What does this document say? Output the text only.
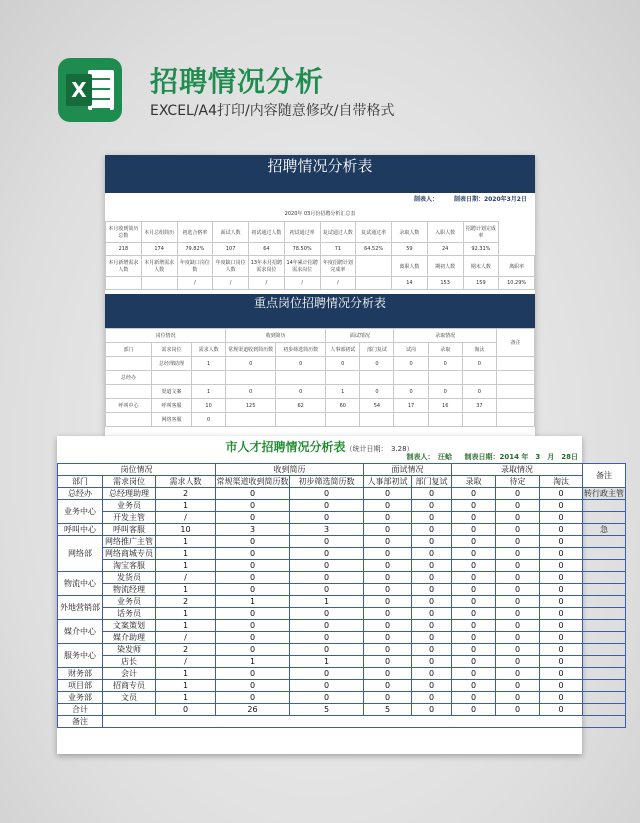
X 招聘情况分析
EXCEL/A4打印/内容随意修改/自带格式
招聘情况分析表
制表人：	制表日期：2020年3月2日
2020年 03月份招聘分析汇总表
本月收到简历总数	本月总组简历	初选合格率	面试人数	初试通过人数	初试通过率	复试通过人数	复试通过率	录取人数	入职人数	招聘计划完成率	
218	174	79.82%	107	64	78.50%	71	64.52%	59	24	92.31%	
本月新增需求人数	本月新增需求人数	年度缺口岗位数	年度缺口岗位人数	13年本月招聘需求岗位	14年累计招聘需求岗位	年度招聘计划完成率		离职人数	期初人数	期末人数	离职率
		/	/	/	/	/		14	153	159	10.29%
重点岗位招聘情况分析表
岗位情况			收到简历		面试情况		录取情况			备注
部门	需求岗位	需求人数	常规渠道收到简历数	初步筛选简历数	人事部初试	部门复试	试岗	录取	淘汰	
	总经理助理	1	0	0	0	0	0	0	0	
总经办										
	渠道文案	1	0	0	1	0	0	0	0	
呼叫中心	呼叫客服	10	125	62	60	54	17	16	37	
	网络客服	0								
市人才招聘情况分析表（统计日期：　3.28）
制表人：　汪蛤 制表日期：2014 年　3　月　28日
岗位情况			收到简历		面试情况		录取情况			备注
部门	需求岗位	需求人数	常规渠道收到简历数	初步筛选简历数	人事部初试	部门复试	录取	待定	淘汰	
总经办	总经理助理	2	0	0	0	0	0	0	0	转行政主管
业务中心	业务员	1	0	0	0	0	0	0	0	
	开发主管	/	0	0	0	0	0	0	0	
呼叫中心	呼叫客服	10	3	3	0	0	0	0	0	急
网络部	网络推广主管	1	0	0	0	0	0	0	0	
	网络商城专员	1	0	0	0	0	0	0	0	
	淘宝客服	1	0	0	0	0	0	0	0	
物流中心	发货员	/	0	0	0	0	0	0	0	
	物流经理	1	0	0	0	0	0	0	0	
外地营销部	业务员	2	1	1	0	0	0	0	0	
	话务员	1	0	0	0	0	0	0	0	
媒介中心	文案策划	1	0	0	0	0	0	0	0	
	媒介助理	/	0	0	0	0	0	0	0	
服务中心	染发师	2	0	0	0	0	0	0	0	
	店长	/	1	1	0	0	0	0	0	
财务部	会计	1	0	0	0	0	0	0	0	
项目部	招商专员	1	0	0	0	0	0	0	0	
业务部	文员	1	0	0	0	0	0	0	0	
合计		0	26	5	5	0	0	0	0	
备注										
